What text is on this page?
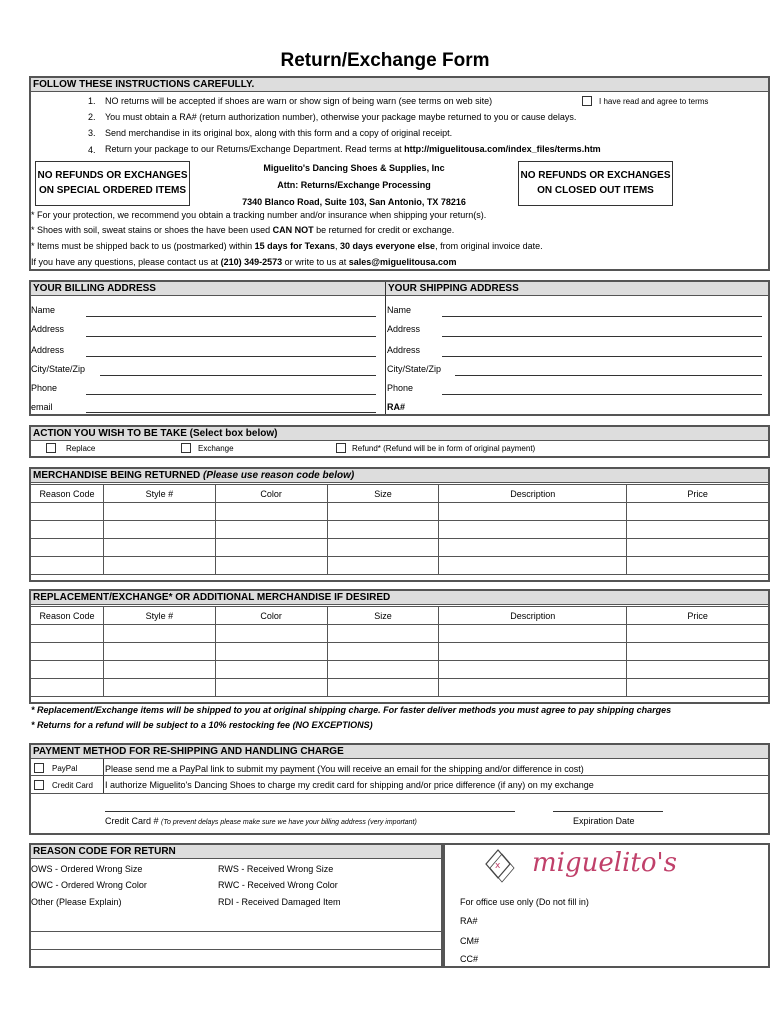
Return/Exchange Form
FOLLOW THESE INSTRUCTIONS CAREFULLY.
1. NO returns will be accepted if shoes are warn or show sign of being warn (see terms on web site)	I have read and agree to terms
2. You must obtain a RA# (return authorization number), otherwise your package maybe returned to you or cause delays.
3. Send merchandise in its original box, along with this form and a copy of original receipt.
4. Return your package to our Returns/Exchange Department. Read terms at http://miguelitousa.com/index_files/terms.htm
NO REFUNDS OR EXCHANGES
ON SPECIAL ORDERED ITEMS
NO REFUNDS OR EXCHANGES
ON CLOSED OUT ITEMS
Miguelito's Dancing Shoes & Supplies, Inc
Attn: Returns/Exchange Processing
7340 Blanco Road, Suite 103, San Antonio, TX 78216
* For your protection, we recommend you obtain a tracking number and/or insurance when shipping your return(s).
* Shoes with soil, sweat stains or shoes the have been used CAN NOT be returned for credit or exchange.
* Items must be shipped back to us (postmarked) within 15 days for Texans, 30 days everyone else, from original invoice date.
If you have any questions, please contact us at (210) 349-2573 or write to us at sales@miguelitousa.com
YOUR BILLING ADDRESS	YOUR SHIPPING ADDRESS
Name
Address
Address
City/State/Zip
Phone
email
Name
Address
Address
City/State/Zip
Phone
RA#
ACTION YOU WISH TO BE TAKE (Select box below)
Replace	Exchange	Refund* (Refund will be in form of original payment)
MERCHANDISE BEING RETURNED (Please use reason code below)
Reason Code	Style #	Color	Size	Description	Price

REPLACEMENT/EXCHANGE* OR ADDITIONAL MERCHANDISE IF DESIRED
Reason Code	Style #	Color	Size	Description	Price

* Replacement/Exchange items will be shipped to you at original shipping charge. For faster deliver methods you must agree to pay shipping charges
* Returns for a refund will be subject to a 10% restocking fee (NO EXCEPTIONS)
PAYMENT METHOD FOR RE-SHIPPING AND HANDLING CHARGE
PayPal	Please send me a PayPal link to submit my payment (You will receive an email for the shipping and/or difference in cost)
Credit Card I authorize Miguelito's Dancing Shoes to charge my credit card for shipping and/or price difference (if any) on my exchange
Credit Card # (To prevent delays please make sure we have your billing address (very important)	Expiration Date
REASON CODE FOR RETURN
OWS - Ordered Wrong Size
OWC - Ordered Wrong Color
Other (Please Explain)
RWS - Received Wrong Size
RWC - Received Wrong Color
RDI - Received Damaged Item
x miguelito's
For office use only (Do not fill in)
RA#
CM#
CC#
